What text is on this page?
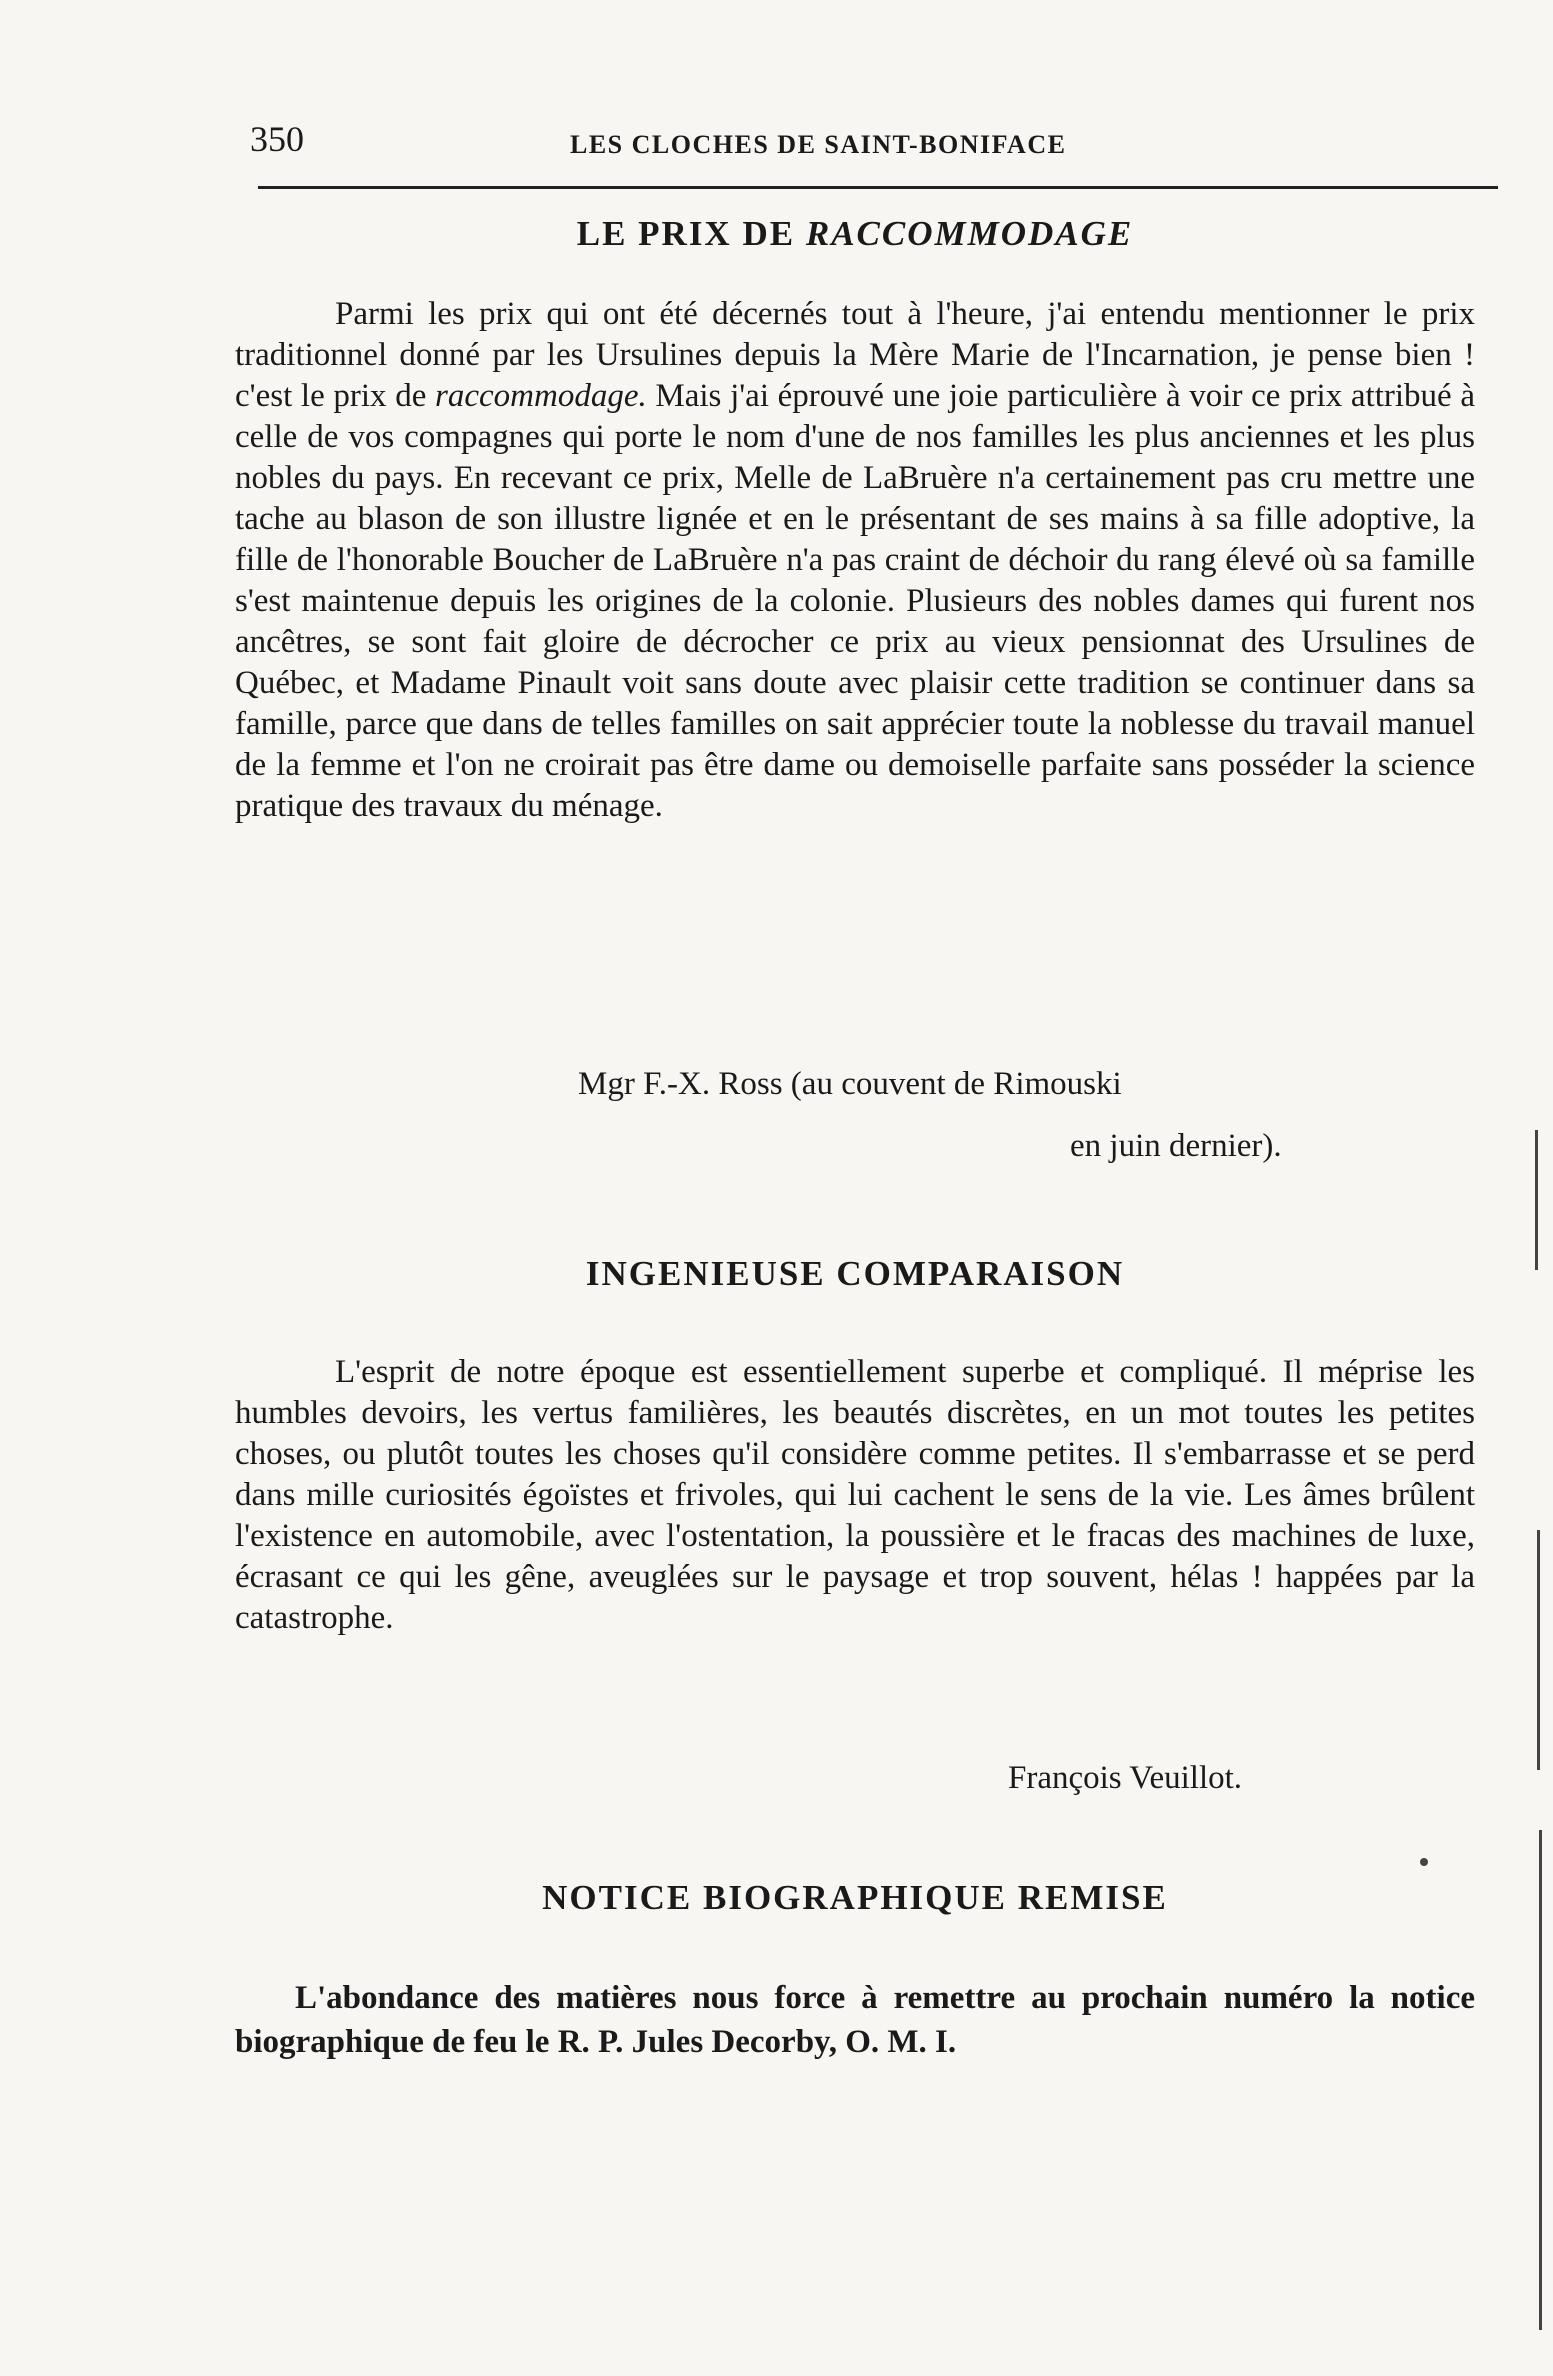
350	LES CLOCHES DE SAINT-BONIFACE
LE PRIX DE RACCOMMODAGE

Parmi les prix qui ont été décernés tout à l'heure, j'ai entendu mentionner le prix traditionnel donné par les Ursulines depuis la Mère Marie de l'Incarnation, je pense bien ! c'est le prix de raccommodage. Mais j'ai éprouvé une joie particulière à voir ce prix attribué à celle de vos compagnes qui porte le nom d'une de nos familles les plus anciennes et les plus nobles du pays. En recevant ce prix, Melle de LaBruère n'a certainement pas cru mettre une tache au blason de son illustre lignée et en le présentant de ses mains à sa fille adoptive, la fille de l'honorable Boucher de LaBruère n'a pas craint de déchoir du rang élevé où sa famille s'est maintenue depuis les origines de la colonie. Plusieurs des nobles dames qui furent nos ancêtres, se sont fait gloire de décrocher ce prix au vieux pensionnat des Ursulines de Québec, et Madame Pinault voit sans doute avec plaisir cette tradition se continuer dans sa famille, parce que dans de telles familles on sait apprécier toute la noblesse du travail manuel de la femme et l'on ne croirait pas être dame ou demoiselle parfaite sans posséder la science pratique des travaux du ménage.

Mgr F.-X. Ross (au couvent de Rimouski
en juin dernier).
INGENIEUSE COMPARAISON

L'esprit de notre époque est essentiellement superbe et compliqué. Il méprise les humbles devoirs, les vertus familières, les beautés discrètes, en un mot toutes les petites choses, ou plutôt toutes les choses qu'il considère comme petites. Il s'embarrasse et se perd dans mille curiosités égoïstes et frivoles, qui lui cachent le sens de la vie. Les âmes brûlent l'existence en automobile, avec l'ostentation, la poussière et le fracas des machines de luxe, écrasant ce qui les gêne, aveuglées sur le paysage et trop souvent, hélas ! happées par la catastrophe.

François Veuillot.
NOTICE BIOGRAPHIQUE REMISE

L'abondance des matières nous force à remettre au prochain numéro la notice biographique de feu le R. P. Jules Decorby, O. M. I.
